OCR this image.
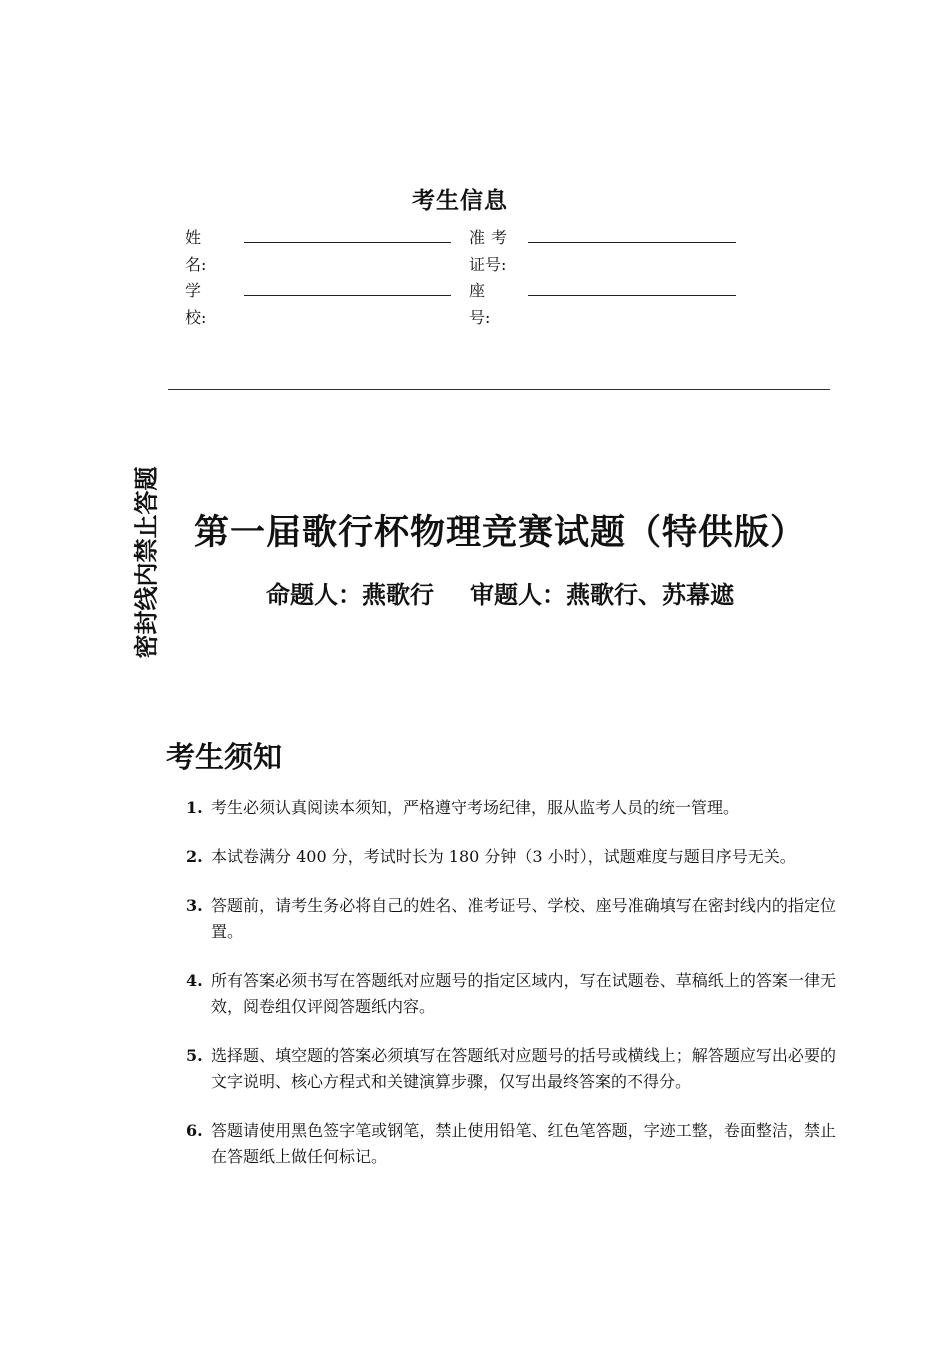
考生信息
姓
名:
准考
证号:
学
校:
座
号:
密封线内禁止答题 第一届歌行杯物理竞赛试题（特供版）
命题人：燕歌行 审题人：燕歌行、苏幕遮
考生须知
1. 考生必须认真阅读本须知，严格遵守考场纪律，服从监考人员的统一管理。
2. 本试卷满分 400 分，考试时长为 180 分钟（3 小时），试题难度与题目序号无关。
3. 答题前，请考生务必将自己的姓名、准考证号、学校、座号准确填写在密封线内的指定位置。
4. 所有答案必须书写在答题纸对应题号的指定区域内，写在试题卷、草稿纸上的答案一律无效，阅卷组仅评阅答题纸内容。
5. 选择题、填空题的答案必须填写在答题纸对应题号的括号或横线上；解答题应写出必要的文字说明、核心方程式和关键演算步骤，仅写出最终答案的不得分。
6. 答题请使用黑色签字笔或钢笔，禁止使用铅笔、红色笔答题，字迹工整，卷面整洁，禁止在答题纸上做任何标记。
